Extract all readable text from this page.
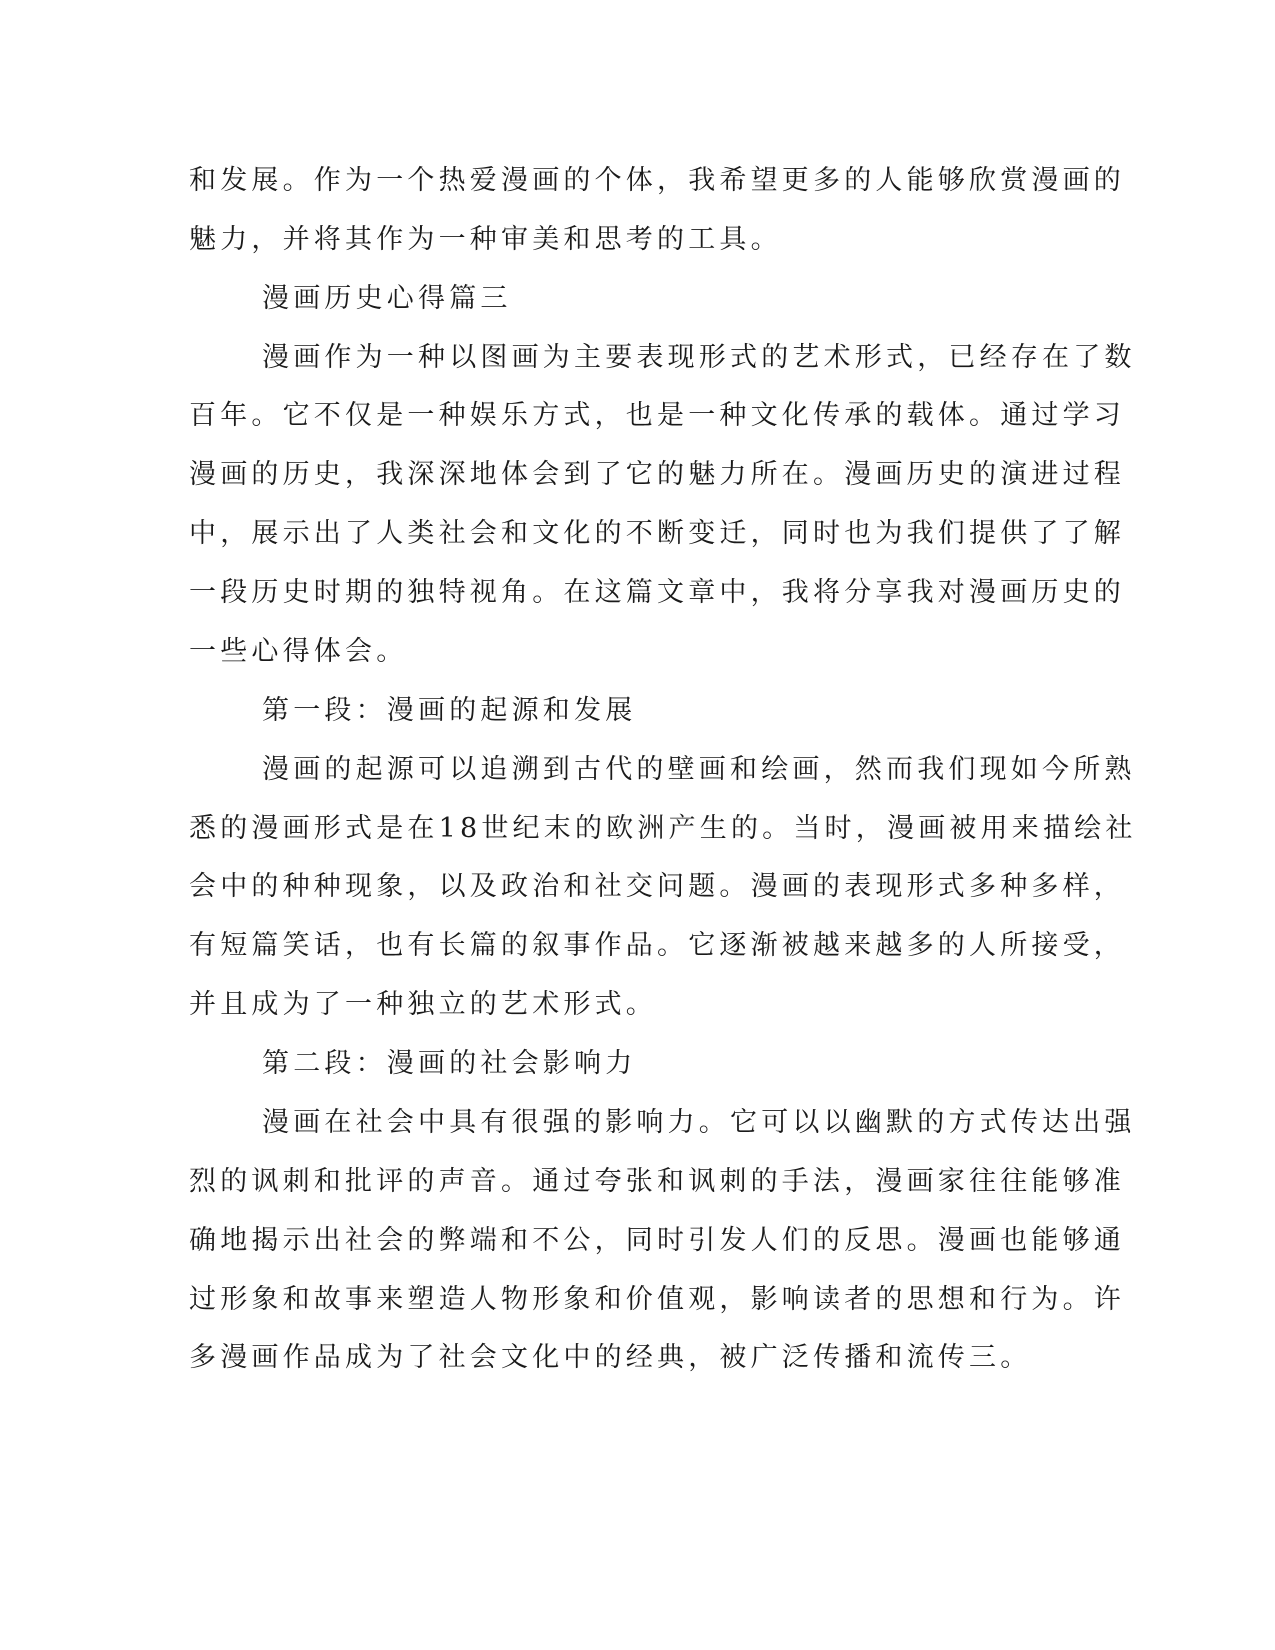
和发展。作为一个热爱漫画的个体，我希望更多的人能够欣赏漫画的
魅力，并将其作为一种审美和思考的工具。
漫画历史心得篇三
漫画作为一种以图画为主要表现形式的艺术形式，已经存在了数
百年。它不仅是一种娱乐方式，也是一种文化传承的载体。通过学习
漫画的历史，我深深地体会到了它的魅力所在。漫画历史的演进过程
中，展示出了人类社会和文化的不断变迁，同时也为我们提供了了解
一段历史时期的独特视角。在这篇文章中，我将分享我对漫画历史的
一些心得体会。
第一段：漫画的起源和发展
漫画的起源可以追溯到古代的壁画和绘画，然而我们现如今所熟
悉的漫画形式是在18世纪末的欧洲产生的。当时，漫画被用来描绘社
会中的种种现象，以及政治和社交问题。漫画的表现形式多种多样，
有短篇笑话，也有长篇的叙事作品。它逐渐被越来越多的人所接受，
并且成为了一种独立的艺术形式。
第二段：漫画的社会影响力
漫画在社会中具有很强的影响力。它可以以幽默的方式传达出强
烈的讽刺和批评的声音。通过夸张和讽刺的手法，漫画家往往能够准
确地揭示出社会的弊端和不公，同时引发人们的反思。漫画也能够通
过形象和故事来塑造人物形象和价值观，影响读者的思想和行为。许
多漫画作品成为了社会文化中的经典，被广泛传播和流传三。
